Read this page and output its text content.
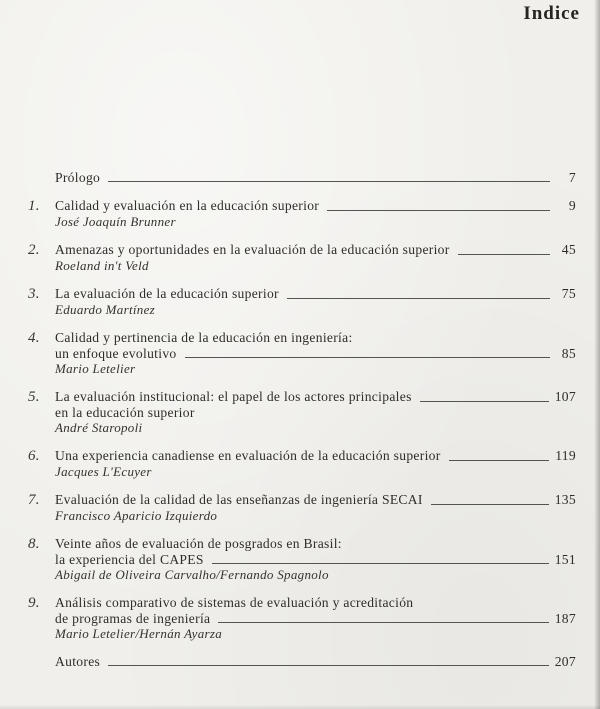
Indice
Prólogo	7
1.	Calidad y evaluación en la educación superior	9
José Joaquín Brunner
2.	Amenazas y oportunidades en la evaluación de la educación superior	45
Roeland in't Veld
3.	La evaluación de la educación superior	75
Eduardo Martínez
4.	Calidad y pertinencia de la educación en ingeniería:
un enfoque evolutivo	85
Mario Letelier
5.	La evaluación institucional: el papel de los actores principales	107
en la educación superior
André Staropoli
6.	Una experiencia canadiense en evaluación de la educación superior	119
Jacques L'Ecuyer
7.	Evaluación de la calidad de las enseñanzas de ingeniería SECAI	135
Francisco Aparicio Izquierdo
8.	Veinte años de evaluación de posgrados en Brasil:
la experiencia del CAPES	151
Abigail de Oliveira Carvalho/Fernando Spagnolo
9.	Análisis comparativo de sistemas de evaluación y acreditación
de programas de ingeniería	187
Mario Letelier/Hernán Ayarza
Autores	207
